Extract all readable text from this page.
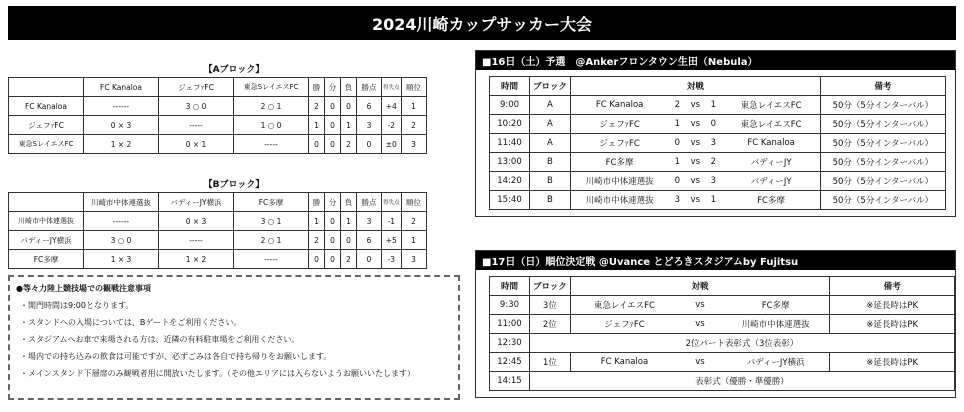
2024川崎カップサッカー大会
【Aブロック】
	FC Kanaloa	ジェフｧFC	東急SレイエスFC	勝	分	負	勝点	得失点	順位
FC Kanaloa	------	3 ○ 0	2 ○ 1	2	0	0	6	+4	1
ジェフｧFC	0 × 3	-----	1 ○ 0	1	0	1	3	-2	2
東急SレイエスFC	1 × 2	0 × 1	-----	0	0	2	0	±0	3
【Bブロック】
	川崎市中体連選抜	バディーJY横浜	FC多摩	勝	分	負	勝点	得失点	順位
川崎市中体連選抜	------	0 × 3	3 ○ 1	1	0	1	3	-1	2
バディーJY横浜	3 ○ 0	-----	2 ○ 1	2	0	0	6	+5	1
FC多摩	1 × 3	1 × 2	-----	0	0	2	0	-3	3
●等々力陸上競技場での観戦注意事項
・開門時間は9:00となります。
・スタンドへの入場については、Bゲートをご利用ください。
・スタジアムへお車で来場される方は、近隣の有料駐車場をご利用ください。
・場内での持ち込みの飲食は可能ですが、必ずごみは各自で持ち帰りをお願いします。
・メインスタンド下層席のみ観戦者用に開放いたします。（その他エリアには入らないようお願いいたします）
■16日（土）予選　@Ankerフロンタウン生田（Nebula）
時間	ブロック	対戦					備考
9:00	A	FC Kanaloa	2	vs	1	東急レイエスFC	50分（5分インターバル）
10:20	A	ジェフｧFC	1	vs	0	東急レイエスFC	50分（5分インターバル）
11:40	A	ジェフｧFC	0	vs	3	FC Kanaloa	50分（5分インターバル）
13:00	B	FC多摩	1	vs	2	バディーJY	50分（5分インターバル）
14:20	B	川崎市中体連選抜	0	vs	3	バディーJY	50分（5分インターバル）
15:40	B	川崎市中体連選抜	3	vs	1	FC多摩	50分（5分インターバル）
■17日（日）順位決定戦 @Uvance とどろきスタジアムby Fujitsu
時間	ブロック	対戦			備考
9:30	3位	東急レイエスFC	vs	FC多摩	※延長時はPK
11:00	2位	ジェフｧFC	vs	川崎市中体連選抜	※延長時はPK
12:30	2位パート表彰式（3位表彰）				
12:45	1位	FC Kanaloa	vs	バディーJY横浜	※延長時はPK
14:15	表彰式（優勝・準優勝）				
